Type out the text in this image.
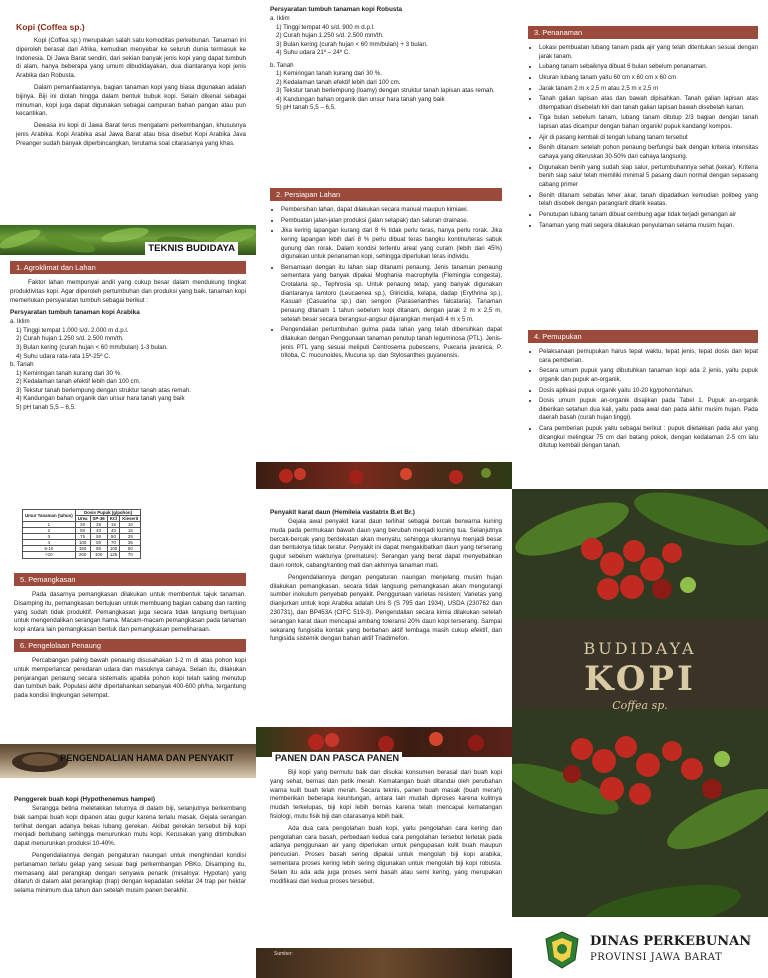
Kopi (Coffea sp.)

Kopi (Coffea sp.) merupakan salah satu komoditas perkebunan. Tanaman ini diperoleh berasal dari Afrika, kemudian menyebar ke seluruh dunia termasuk ke Indonesia. Di Jawa Barat sendiri, dari sekian banyak jenis kopi yang dapat tumbuh di alam, hanya beberapa yang umum dibudidayakan, dua diantaranya kopi jenis Arabika dan Robusta.

Dalam pemanfaatannya, bagian tanaman kopi yang biasa digunakan adalah bijinya. Biji ini diolah hingga dalam bentuk bubuk kopi. Selain dikenal sebagai minuman, kopi juga dapat digunakan sebagai campuran bahan pangan atau pun kecantikan.

Dewasa ini kopi di Jawa Barat terus mengalami perkembangan, khususnya jenis Arabika. Kopi Arabika asal Jawa Barat atau bisa disebut Kopi Arabika Java Preanger sudah banyak diperbincangkan, terutama soal citarasanya yang khas.

TEKNIS BUDIDAYA
1. Agroklimat dan Lahan

Faktor lahan mempunyai andil yang cukup besar dalam mendukung tingkat produktivitas kopi. Agar diperoleh pertumbuhan dan produksi yang baik, tanaman kopi memerlukan persyaratan tumbuh sebagai berikut :

Persyaratan tumbuh tanaman kopi Arabika

a. Iklim

1) Tinggi tempat 1.000 s/d. 2.000 m d.p.l.

2) Curah hujan 1.250 s/d. 2.500 mm/th.

3) Bulan kering (curah hujan < 60 mm/bulan) 1-3 bulan.

4) Suhu udara rata-rata 15º-25º C.

b. Tanah

1) Kemiringan tanah kurang dari 30 %.

2) Kedalaman tanah efektif lebih dari 100 cm.

3) Tekstur tanah berlempung dengan struktur tanah atas remah.

4) Kandungan bahan organik dan unsur hara tanah yang baik

5) pH tanah 5,5 – 6,5.

Persyaratan tumbuh tanaman kopi Robusta

a. Iklim

1) Tinggi tempat 40 s/d. 900 m d.p.l.

2) Curah hujan 1.250 s/d. 2.500 mm/th.

3) Bulan kering (curah hujan < 60 mm/bulan) + 3 bulan.

4) Suhu udara 21º – 24º C.

b. Tanah

1) Kemiringan tanah kurang dari 30 %.

2) Kedalaman tanah efektif lebih dari 100 cm.

3) Tekstur tanah berlempung (loamy) dengan struktur tanah lapisan atas remah.

4) Kandungan bahan organik dan unsur hara tanah yang baik

5) pH tanah 5,5 – 6,5.

2. Persiapan Lahan
• Pembersihan lahan, dapat dilakukan secara manual maupun kimiawi.
• Pembuatan jalan-jalan produksi (jalan setapak) dan saluran drainase.
• Jika kering lapangan kurang dari 8 % tidak perlu teras, hanya perlu rorak. Jika kering lapangan lebih dari 8 % perlu dibuat teras bangku kontinu/teras sabuk gunung dan rorak. Dalam kondisi tertentu areal yang curam (lebih dari 45%) digunakan untuk penanaman kopi, sehingga diperlukan teras individu.
• Bersamaan dengan itu lahan siap ditanami penaung. Jenis tanaman penaung sementara yang banyak dipakai Moghania macrophylla (Flemingia congesta), Crotalaria sp., Tephrosia sp. Untuk penaung tetap, yang banyak digunakan diantaranya lamtoro (Leucaenea sp.), Gliricidia, kelapa, dadap (Erythrina sp.), Kasuari (Casuarina sp.) dan sengon (Paraserianthes falcataria). Tanaman penaung ditanam 1 tahun sebelum kopi ditanam, dengan jarak 2 m x 2,5 m, setelah besar secara berangsur-angsur dijarangkan menjadi 4 m x 5 m.
• Pengendalian pertumbuhan gulma pada lahan yang telah dibersihkan dapat dilakukan dengan Penggunaan tanaman penutup tanah leguminosa (PTL). Jenis-jenis PTL yang sesuai meliputi Centrosema pubescens, Pueraria javanica, P. triloba, C. mucunoides, Mucuna sp. dan Stylosanthes guyanensis.
3. Penanaman
• Lokasi pembuatan lubang tanam pada ajir yang telah ditentukan sesuai dengan jarak tanam.
• Lubang tanam sebaiknya dibuat 6 bulan sebelum penanaman.
• Ukuran lubang tanam yaitu 60 cm x 60 cm x 60 cm
• Jarak tanam 2 m x 2,5 m atau 2,5 m x 2,5 m
• Tanah galian lapisan atas dan bawah dipisahkan. Tanah galian lapisan atas ditempatkan disebelah kiri dan tanah galian lapisan bawah disebelah kanan.
• Tiga bulan sebelum tanam, lubang tanam ditutup 2/3 bagian dengan tanah lapisan atas dicampur dengan bahan organik/ pupuk kandang/ kompos.
• Ajir di pasang kembali di tengah lubang tanam tersebut
• Benih ditanam setelah pohon penaung berfungsi baik dengan kriteria intensitas cahaya yang diteruskan 30-50% dari cahaya langsung.
• Digunakan benih yang sudah siap salur, pertumbuhannya sehat (kekar). Kriteria benih siap salur telah memiliki minimal 5 pasang daun normal dengan sepasang cabang primer
• Benih ditanam sebatas leher akar, tanah dipadatkan kemudian polibeg yang telah disobek dengan parang/arit ditarik keatas.
• Penutupan lubang tanam dibuat cembung agar tidak terjadi genangan air
• Tanaman yang mati segera dilakukan penyulaman selama musim hujan.
4. Pemupukan
• Pelaksanaan pemupukan harus tepat waktu, tepat jenis, tepat dosis dan tepat cara pemberian.
• Secara umum pupuk yang dibutuhkan tanaman kopi ada 2 jenis, yaitu pupuk organik dan pupuk an-organik.
• Dosis aplikasi pupuk organik yaitu 10-20 kg/pohon/tahun.
• Dosis umum pupuk an-organik disajikan pada Tabel 1. Pupuk an-organik diberikan setahun dua kali, yaitu pada awal dan pada akhir musim hujan. Pada daerah basah (curah hujan tinggi).
• Cara pemberian pupuk yaitu sebagai berikut : pupuk diletakkan pada alur yang dicangkul melingkar 75 cm dari batang pokok, dengan kedalaman 2-5 cm lalu ditutup kembali dengan tanah.
Umur Tanaman (tahun)	Dosis Pupuk (g/pohon)			
	Urea	SP-36	KCl	Kieserit
1	20	25	15	10
2	50	40	40	15
3	75	50	50	25
4	100	50	70	35
5-10	150	80	100	50
>10	200	100	125	70
5. Pemangkasan

Pada dasarnya pemangkasan dilakukan untuk membentuk tajuk tanaman. Disamping itu, pemangkasan bertujuan untuk membuang bagian cabang dan ranting yang sudah tidak produktif. Pemangkasan juga secara tidak langsung bertujuan untuk mengendalikan serangan hama. Macam-macam pemangkasan pada tanaman kopi antara lain pemangkasan bentuk dan pemangkasan pemeliharaan.

6. Pengelolaan Penaung

Percabangan paling bawah penaung disusahakan 1-2 m di atas pohon kopi untuk memperlancar peredaran udara dan masuknya cahaya. Selain itu, dilakukan penjarangan penaung secara sistematis apabila pohon kopi telah saling menutup dan tumbuh baik. Populasi akhir dipertahankan sebanyak 400-600 ph/ha, tergantung pada kondisi lingkungan setempat.

PENGENDALIAN HAMA DAN PENYAKIT

Penggerek buah kopi (Hypothenemus hampei)

Serangga betina meletakkan telurnya di dalam biji, selanjutnya berkembang biak sampai buah kopi dipanen atau gugur karena terlalu masak. Gejala serangan terlihat dengan adanya bekas lubang gerekan. Akibat gerekan tersebut biji kopi menjadi berlubang sehingga menurunkan mutu kopi. Kerusakan yang ditimbulkan dapat menurunkan produksi 10-40%.

Pengendaliannya dengan pengaturan naungan untuk menghindari kondisi pertanaman terlalu gelap yang sesuai bagi perkembangan PBKo. Disamping itu, memasang alat perangkap dengan senyawa penarik (misalnya: Hypotan) yang ditaruh di dalam alat perangkap (trap) dengan kepadatan sekitar 24 trap per hektar selama minimum dua tahun dan setelah musim panen berakhir.

Penyakit karat daun (Hemileia vastatrix B.et Br.)

Gejala awal penyakit karat daun terlihat sebagai bercak berwarna kuning muda pada permukaan bawah daun yang berubah menjadi kuning tua. Selanjutnya bercak-bercak yang berdekatan akan menyatu, sehingga ukurannya menjadi besar dan bentuknya tidak teratur. Penyakit ini dapat mengakibatkan daun yang terserang gugur sebelum waktunya (premature). Serangan yang berat dapat menyebabkan daun rontok, cabang/ranting mati dan akhirnya tanaman mati.

Pengendaliannya dengan pengaturan naungan menjelang musim hujan dilakukan pemangkasan, secara tidak langsung pemangkasan akan mengurangi sumber inokulum penyebab penyakit. Penggunaan varietas resisten; Varietas yang dianjurkan untuk kopi Arabika adalah Uni S (S 795 dan 1934), USDA (230762 dan 230731), dan BP453A (CIFC 519-3). Pengendalian secara kimia dilakukan setelah serangan karat daun mencapai ambang toleransi 20% daun kopi terserang. Sampai sekarang fungisida kontak yang berbahan aktif tembaga masih cukup efektif, dan fungisida sistemik dengan bahan aktif Triadimefon.

PANEN DAN PASCA PANEN

Biji kopi yang bermutu baik dan disukai konsumen berasal dari buah kopi yang sehat, bernas dan petik merah. Kematangan buah ditandai oleh perubahan warna kulit buah telah merah. Secara teknis, panen buah masak (buah merah) memberikan beberapa keuntungan, antara lain mudah diproses karena kulitnya mudah terkelupas, biji kopi lebih bernas karena telah mencapai kematangan fisiologi, mutu fisik biji dan citarasanya lebih baik.

Ada dua cara pengolahan buah kopi, yaitu pengolahan cara kering dan pengolahan cara basah, perbedaan kedua cara pengolahan tersebut terletak pada adanya penggunaan air yang diperlukan untuk pengupasan kulit buah maupun pencucian. Proses basah sering dipakai untuk mengolah biji kopi arabika, sementara proses kering lebih sering digunakan untuk mengolah biji kopi robusta. Selain itu ada ada juga proses semi basah atau semi kering, yang merupakan modifikasi dari kedua proses tersebut.

Sumber:
BUDIDAYA
KOPI
Coffea sp.
DINAS PERKEBUNAN
PROVINSI JAWA BARAT
